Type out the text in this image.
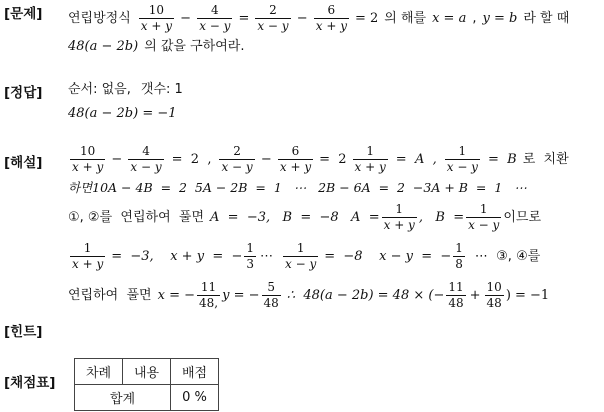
[문제]
[정답]
[해설]
[힌트]
[채점표]
연립방정식 $\frac{10}{x + y} - \frac{4}{x - y} = \frac{2}{x - y} - \frac{6}{x + y} = 2$ 의 해를 x = a , y = b 라 할 때
48(a − 2b) 의 값을 구하여라.
순서: 없음, 갯수: 1
48(a − 2b) = −1
$\frac{10}{x + y} - \frac{4}{x - y} = 2$  , $\frac{2}{x - y} - \frac{6}{x + y} = 2 \frac{1}{x + y} = A$  , $\frac{1}{x - y} = B$ 로  치환
하면10A − 4B  =  2  5A − 2B  =  1   ⋯   2B − 6A  =  2  −3A + B  =  1   ⋯
①, ②를  연립하여  풀면 A  =  −3,   B  =  −8   $A = \frac{1}{x + y}$ ,   $B = \frac{1}{x - y}$ 이므로
$\frac{1}{x + y} = -3$,    x + y  =  − $\frac{1}{3}$ ⋯ $\frac{1}{x - y} = -8$    x − y  =  − $\frac{1}{8}$ ⋯  ③, ④를
연립하여  풀면 x = − $\frac{11}{48,}$ y = − $\frac{5}{48}$ ∴  48(a − 2b) = 48 × (− $\frac{11}{48} + \frac{10}{48}$ ) = −1
차례	내용	배점
합계		0 %
